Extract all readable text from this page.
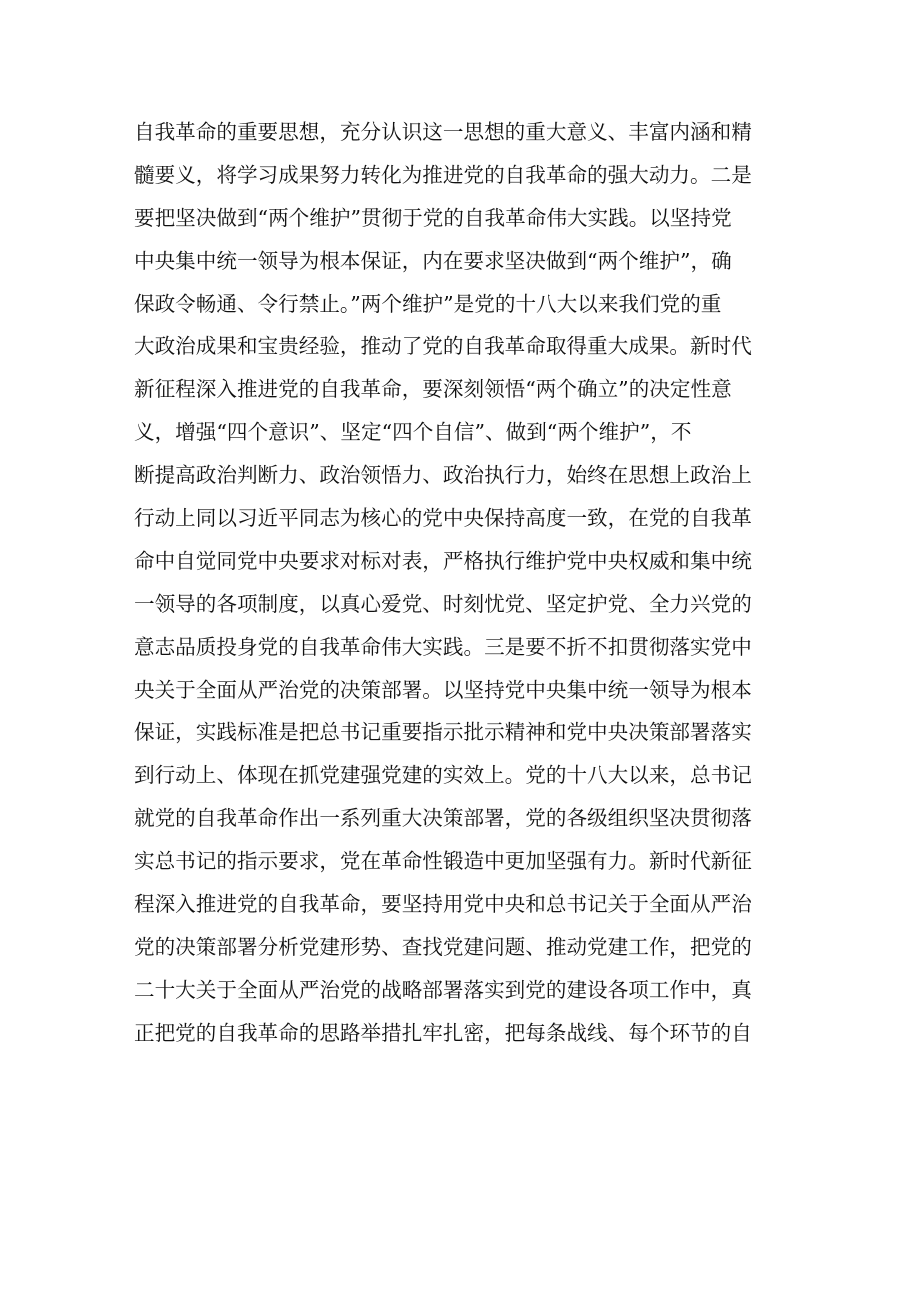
自我革命的重要思想，充分认识这一思想的重大意义、丰富内涵和精
髓要义，将学习成果努力转化为推进党的自我革命的强大动力。二是
要把坚决做到“两个维护”贯彻于党的自我革命伟大实践。以坚持党
中央集中统一领导为根本保证，内在要求坚决做到“两个维护”，确
保政令畅通、令行禁止。”两个维护”是党的十八大以来我们党的重
大政治成果和宝贵经验，推动了党的自我革命取得重大成果。新时代
新征程深入推进党的自我革命，要深刻领悟“两个确立”的决定性意
义，增强“四个意识”、坚定“四个自信”、做到“两个维护”，不
断提高政治判断力、政治领悟力、政治执行力，始终在思想上政治上
行动上同以习近平同志为核心的党中央保持高度一致，在党的自我革
命中自觉同党中央要求对标对表，严格执行维护党中央权威和集中统
一领导的各项制度，以真心爱党、时刻忧党、坚定护党、全力兴党的
意志品质投身党的自我革命伟大实践。三是要不折不扣贯彻落实党中
央关于全面从严治党的决策部署。以坚持党中央集中统一领导为根本
保证，实践标准是把总书记重要指示批示精神和党中央决策部署落实
到行动上、体现在抓党建强党建的实效上。党的十八大以来，总书记
就党的自我革命作出一系列重大决策部署，党的各级组织坚决贯彻落
实总书记的指示要求，党在革命性锻造中更加坚强有力。新时代新征
程深入推进党的自我革命，要坚持用党中央和总书记关于全面从严治
党的决策部署分析党建形势、查找党建问题、推动党建工作，把党的
二十大关于全面从严治党的战略部署落实到党的建设各项工作中，真
正把党的自我革命的思路举措扎牢扎密，把每条战线、每个环节的自
